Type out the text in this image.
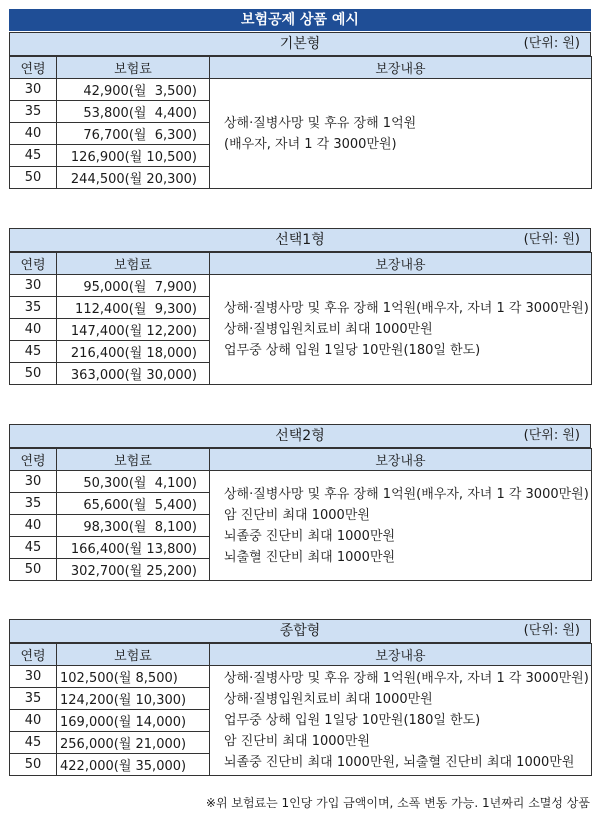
보험공제 상품 예시
기본형	(단위: 원)
연령	보험료	보장내용
30	42,900(월  3,500)	상해·질병사망 및 후유 장해 1억원
(배우자, 자녀 1 각 3000만원)

35	53,800(월  4,400)	
40	76,700(월  6,300)	
45	126,900(월 10,500)	
50	244,500(월 20,300)	
선택1형	(단위: 원)
연령	보험료	보장내용
30	95,000(월  7,900)	상해·질병사망 및 후유 장해 1억원(배우자, 자녀 1 각 3000만원)
상해·질병입원치료비 최대 1000만원
업무중 상해 입원 1일당 10만원(180일 한도)

35	112,400(월  9,300)	
40	147,400(월 12,200)	
45	216,400(월 18,000)	
50	363,000(월 30,000)	
선택2형	(단위: 원)
연령	보험료	보장내용
30	50,300(월  4,100)	상해·질병사망 및 후유 장해 1억원(배우자, 자녀 1 각 3000만원)
암 진단비 최대 1000만원
뇌졸중 진단비 최대 1000만원
뇌출혈 진단비 최대 1000만원

35	65,600(월  5,400)	
40	98,300(월  8,100)	
45	166,400(월 13,800)	
50	302,700(월 25,200)	
종합형	(단위: 원)
연령	보험료	보장내용
30	102,500(월 8,500)	상해·질병사망 및 후유 장해 1억원(배우자, 자녀 1 각 3000만원)
상해·질병입원치료비 최대 1000만원
업무중 상해 입원 1일당 10만원(180일 한도)
암 진단비 최대 1000만원
뇌졸중 진단비 최대 1000만원, 뇌출혈 진단비 최대 1000만원

35	124,200(월 10,300)	
40	169,000(월 14,000)	
45	256,000(월 21,000)	
50	422,000(월 35,000)	
※위 보험료는 1인당 가입 금액이며, 소폭 변동 가능. 1년짜리 소멸성 상품
